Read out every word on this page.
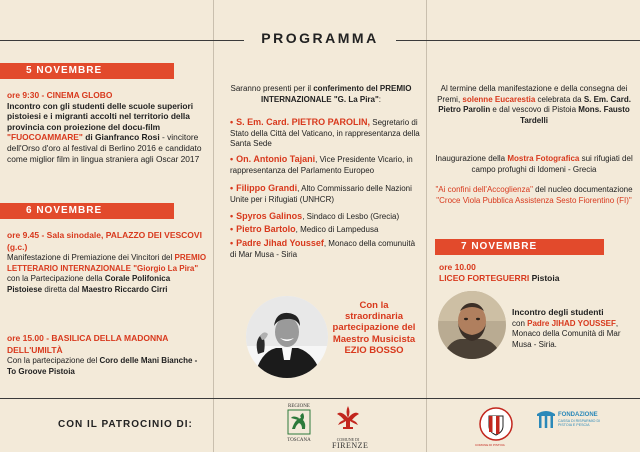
PROGRAMMA
5 NOVEMBRE
ore 9:30 - CINEMA GLOBO
Incontro con gli studenti delle scuole superiori pistoiesi e i migranti accolti nel territorio della provincia con proiezione del docu-film "FUOCOAMMARE" di Gianfranco Rosi - vincitore dell'Orso d'oro al festival di Berlino 2016 e candidato come miglior film in lingua straniera agli Oscar 2017
6 NOVEMBRE
ore 9.45 - Sala sinodale, PALAZZO DEI VESCOVI (g.c.)
Manifestazione di Premiazione dei Vincitori del PREMIO LETTERARIO INTERNAZIONALE "Giorgio La Pira"
con la Partecipazione della Corale Polifonica Pistoiese diretta dal Maestro Riccardo Cirri
ore 15.00 - BASILICA DELLA MADONNA DELL'UMILTÀ
Con la partecipazione del Coro delle Mani Bianche - To Groove Pistoia
Saranno presenti per il conferimento del PREMIO INTERNAZIONALE "G. La Pira":
• S. Em. Card. PIETRO PAROLIN, Segretario di Stato della Città del Vaticano, in rappresentanza della Santa Sede
• On. Antonio Tajani, Vice Presidente Vicario, in rappresentanza del Parlamento Europeo
• Filippo Grandi, Alto Commissario delle Nazioni Unite per i Rifugiati (UNHCR)
• Spyros Galinos, Sindaco di Lesbo (Grecia)
• Pietro Bartolo, Medico di Lampedusa
• Padre Jihad Youssef, Monaco della comunuità di Mar Musa - Siria
Con la straordinaria partecipazione del Maestro Musicista EZIO BOSSO
Al termine della manifestazione e della consegna dei Premi, solenne Eucarestia celebrata da S. Em. Card. Pietro Parolin e dal vescovo di Pistoia Mons. Fausto Tardelli
Inaugurazione della Mostra Fotografica sui rifugiati del campo profughi di Idomeni - Grecia
"Ai confini dell'Accoglienza" del nucleo documentazione "Croce Viola Pubblica Assistenza Sesto Fiorentino (FI)"
7 NOVEMBRE
ore 10.00
LICEO FORTEGUERRI Pistoia
Incontro degli studenti
con Padre JIHAD YOUSSEF, Monaco della Comunità di Mar Musa - Siria.
CON IL PATROCINIO DI:
REGIONE
TOSCANA	COMUNE DI
FIRENZE	COMUNE DI PISTOIA
FONDAZIONE
CASSA DI RISPARMIO DI PISTOIA E PESCIA
